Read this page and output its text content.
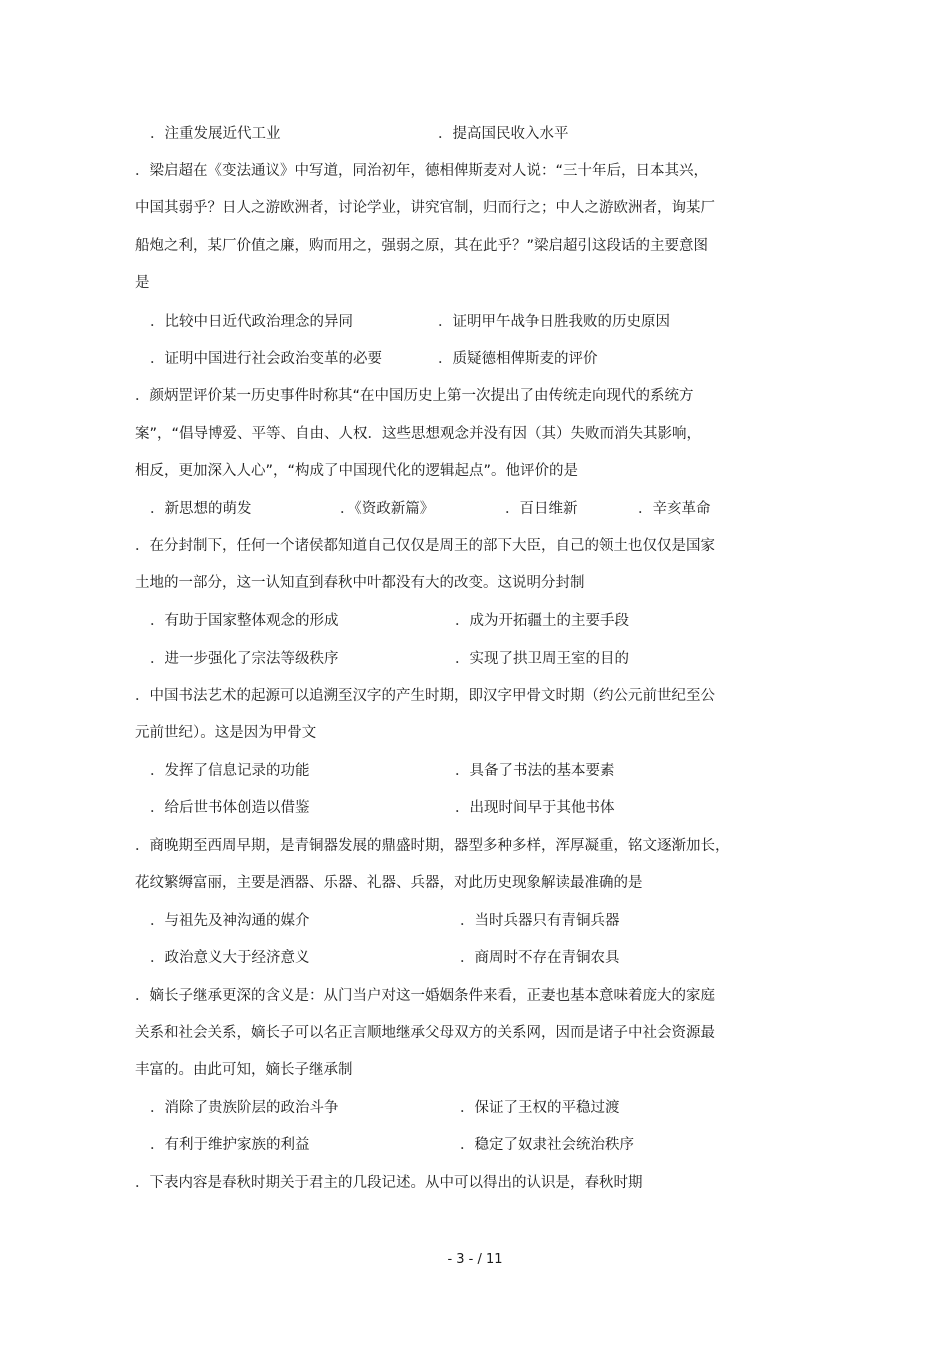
．注重发展近代工业	．提高国民收入水平
．梁启超在《变法通议》中写道，同治初年，德相俾斯麦对人说：“三十年后，日本其兴，
中国其弱乎？日人之游欧洲者，讨论学业，讲究官制，归而行之；中人之游欧洲者，询某厂
船炮之利，某厂价值之廉，购而用之，强弱之原，其在此乎？”梁启超引这段话的主要意图
是
．比较中日近代政治理念的异同	．证明甲午战争日胜我败的历史原因
．证明中国进行社会政治变革的必要	．质疑德相俾斯麦的评价
．颜炳罡评价某一历史事件时称其“在中国历史上第一次提出了由传统走向现代的系统方
案”，“倡导博爱、平等、自由、人权．这些思想观念并没有因（其）失败而消失其影响，
相反，更加深入人心”，“构成了中国现代化的逻辑起点”。他评价的是
．新思想的萌发	．《资政新篇》	．百日维新	．辛亥革命
．在分封制下，任何一个诸侯都知道自己仅仅是周王的部下大臣，自己的领土也仅仅是国家
土地的一部分，这一认知直到春秋中叶都没有大的改变。这说明分封制
．有助于国家整体观念的形成	．成为开拓疆土的主要手段
．进一步强化了宗法等级秩序	．实现了拱卫周王室的目的
．中国书法艺术的起源可以追溯至汉字的产生时期，即汉字甲骨文时期（约公元前世纪至公
元前世纪）。这是因为甲骨文
．发挥了信息记录的功能	．具备了书法的基本要素
．给后世书体创造以借鉴	．出现时间早于其他书体
．商晚期至西周早期，是青铜器发展的鼎盛时期，器型多种多样，浑厚凝重，铭文逐渐加长，
花纹繁缛富丽，主要是酒器、乐器、礼器、兵器，对此历史现象解读最准确的是
．与祖先及神沟通的媒介	．当时兵器只有青铜兵器
．政治意义大于经济意义	．商周时不存在青铜农具
．嫡长子继承更深的含义是：从门当户对这一婚姻条件来看，正妻也基本意味着庞大的家庭
关系和社会关系，嫡长子可以名正言顺地继承父母双方的关系网，因而是诸子中社会资源最
丰富的。由此可知，嫡长子继承制
．消除了贵族阶层的政治斗争	．保证了王权的平稳过渡
．有利于维护家族的利益	．稳定了奴隶社会统治秩序
．下表内容是春秋时期关于君主的几段记述。从中可以得出的认识是，春秋时期
- 3 - / 11
